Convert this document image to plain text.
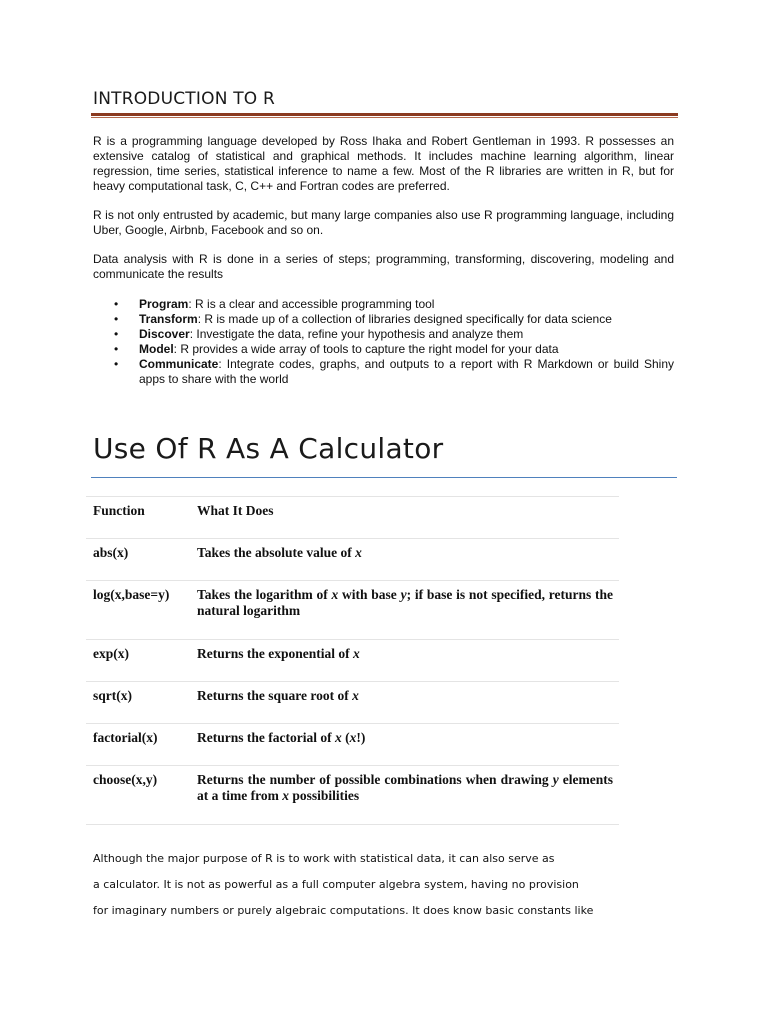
INTRODUCTION TO R

R is a programming language developed by Ross Ihaka and Robert Gentleman in 1993. R possesses an extensive catalog of statistical and graphical methods. It includes machine learning algorithm, linear regression, time series, statistical inference to name a few. Most of the R libraries are written in R, but for heavy computational task, C, C++ and Fortran codes are preferred.

R is not only entrusted by academic, but many large companies also use R programming language, including Uber, Google, Airbnb, Facebook and so on.

Data analysis with R is done in a series of steps; programming, transforming, discovering, modeling and communicate the results

• Program: R is a clear and accessible programming tool
• Transform: R is made up of a collection of libraries designed specifically for data science
• Discover: Investigate the data, refine your hypothesis and analyze them
• Model: R provides a wide array of tools to capture the right model for your data
• Communicate: Integrate codes, graphs, and outputs to a report with R Markdown or build Shiny apps to share with the world
Use Of R As A Calculator
Function	What It Does
abs(x)	Takes the absolute value of x
log(x,base=y)	Takes the logarithm of x with base y; if base is not specified, returns the natural logarithm
exp(x)	Returns the exponential of x
sqrt(x)	Returns the square root of x
factorial(x)	Returns the factorial of x (x!)
choose(x,y)	Returns the number of possible combinations when drawing y elements at a time from x possibilities

Although the major purpose of R is to work with statistical data, it can also serve as

a calculator. It is not as powerful as a full computer algebra system, having no provision

for imaginary numbers or purely algebraic computations. It does know basic constants like
